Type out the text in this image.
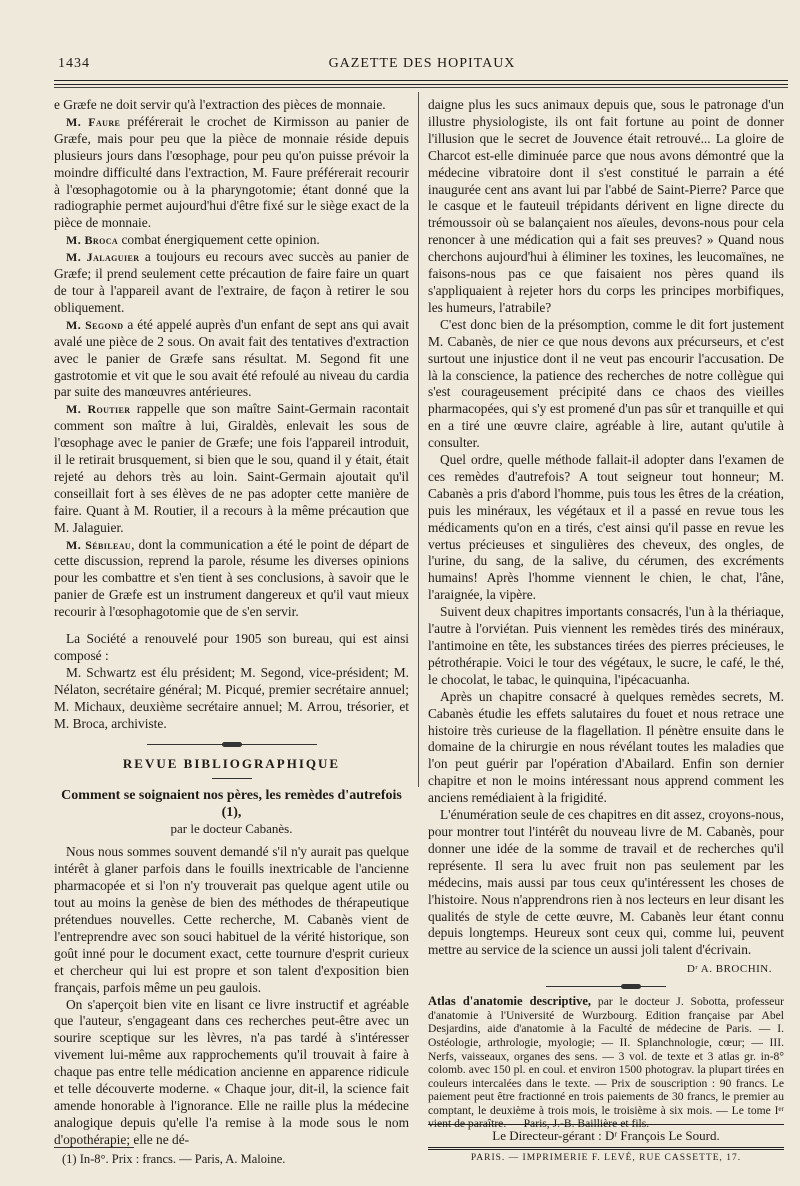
1434	GAZETTE DES HOPITAUX

e Græfe ne doit servir qu'à l'extraction des pièces de monnaie.

M. Faure préférerait le crochet de Kirmisson au panier de Græfe, mais pour peu que la pièce de monnaie réside depuis plusieurs jours dans l'œsophage, pour peu qu'on puisse prévoir la moindre difficulté dans l'extraction, M. Faure préférerait recourir à l'œsophagotomie ou à la pharyngotomie; étant donné que la radiographie permet aujourd'hui d'être fixé sur le siège exact de la pièce de monnaie.

M. Broca combat énergiquement cette opinion.

M. Jalaguier a toujours eu recours avec succès au panier de Græfe; il prend seulement cette précaution de faire faire un quart de tour à l'appareil avant de l'extraire, de façon à retirer le sou obliquement.

M. Segond a été appelé auprès d'un enfant de sept ans qui avait avalé une pièce de 2 sous. On avait fait des tentatives d'extraction avec le panier de Græfe sans résultat. M. Segond fit une gastrotomie et vit que le sou avait été refoulé au niveau du cardia par suite des manœuvres antérieures.

M. Routier rappelle que son maître Saint-Germain racontait comment son maître à lui, Giraldès, enlevait les sous de l'œsophage avec le panier de Græfe; une fois l'appareil introduit, il le retirait brusquement, si bien que le sou, quand il y était, était rejeté au dehors très au loin. Saint-Germain ajoutait qu'il conseillait fort à ses élèves de ne pas adopter cette manière de faire. Quant à M. Routier, il a recours à la même précaution que M. Jalaguier.

M. Sébileau, dont la communication a été le point de départ de cette discussion, reprend la parole, résume les diverses opinions pour les combattre et s'en tient à ses conclusions, à savoir que le panier de Græfe est un instrument dangereux et qu'il vaut mieux recourir à l'œsophagotomie que de s'en servir.

La Société a renouvelé pour 1905 son bureau, qui est ainsi composé :

M. Schwartz est élu président; M. Segond, vice-président; M. Nélaton, secrétaire général; M. Picqué, premier secrétaire annuel; M. Michaux, deuxième secrétaire annuel; M. Arrou, trésorier, et M. Broca, archiviste.

REVUE BIBLIOGRAPHIQUE
Comment se soignaient nos pères, les remèdes d'autrefois (1),
par le docteur Cabanès.

Nous nous sommes souvent demandé s'il n'y aurait pas quelque intérêt à glaner parfois dans le fouills inextricable de l'ancienne pharmacopée et si l'on n'y trouverait pas quelque agent utile ou tout au moins la genèse de bien des méthodes de thérapeutique prétendues nouvelles. Cette recherche, M. Cabanès vient de l'entreprendre avec son souci habituel de la vérité historique, son goût inné pour le document exact, cette tournure d'esprit curieux et chercheur qui lui est propre et son talent d'exposition bien français, parfois même un peu gaulois.

On s'aperçoit bien vite en lisant ce livre instructif et agréable que l'auteur, s'engageant dans ces recherches peut-être avec un sourire sceptique sur les lèvres, n'a pas tardé à s'intéresser vivement lui-même aux rapprochements qu'il trouvait à faire à chaque pas entre telle médication ancienne en apparence ridicule et telle découverte moderne. « Chaque jour, dit-il, la science fait amende honorable à l'ignorance. Elle ne raille plus la médecine analogique depuis qu'elle l'a remise à la mode sous le nom d'opothérapie; elle ne dé-

daigne plus les sucs animaux depuis que, sous le patronage d'un illustre physiologiste, ils ont fait fortune au point de donner l'illusion que le secret de Jouvence était retrouvé... La gloire de Charcot est-elle diminuée parce que nous avons démontré que la médecine vibratoire dont il s'est constitué le parrain a été inaugurée cent ans avant lui par l'abbé de Saint-Pierre? Parce que le casque et le fauteuil trépidants dérivent en ligne directe du trémoussoir où se balançaient nos aïeules, devons-nous pour cela renoncer à une médication qui a fait ses preuves? » Quand nous cherchons aujourd'hui à éliminer les toxines, les leucomaïnes, ne faisons-nous pas ce que faisaient nos pères quand ils s'appliquaient à rejeter hors du corps les principes morbifiques, les humeurs, l'atrabile?

C'est donc bien de la présomption, comme le dit fort justement M. Cabanès, de nier ce que nous devons aux précurseurs, et c'est surtout une injustice dont il ne veut pas encourir l'accusation. De là la conscience, la patience des recherches de notre collègue qui s'est courageusement précipité dans ce chaos des vieilles pharmacopées, qui s'y est promené d'un pas sûr et tranquille et qui en a tiré une œuvre claire, agréable à lire, autant qu'utile à consulter.

Quel ordre, quelle méthode fallait-il adopter dans l'examen de ces remèdes d'autrefois? A tout seigneur tout honneur; M. Cabanès a pris d'abord l'homme, puis tous les êtres de la création, puis les minéraux, les végétaux et il a passé en revue tous les médicaments qu'on en a tirés, c'est ainsi qu'il passe en revue les vertus précieuses et singulières des cheveux, des ongles, de l'urine, du sang, de la salive, du cérumen, des excréments humains! Après l'homme viennent le chien, le chat, l'âne, l'araignée, la vipère.

Suivent deux chapitres importants consacrés, l'un à la thériaque, l'autre à l'orviétan. Puis viennent les remèdes tirés des minéraux, l'antimoine en tête, les substances tirées des pierres précieuses, le pétrothérapie. Voici le tour des végétaux, le sucre, le café, le thé, le chocolat, le tabac, le quinquina, l'ipécacuanha.

Après un chapitre consacré à quelques remèdes secrets, M. Cabanès étudie les effets salutaires du fouet et nous retrace une histoire très curieuse de la flagellation. Il pénètre ensuite dans le domaine de la chirurgie en nous révélant toutes les maladies que l'on peut guérir par l'opération d'Abailard. Enfin son dernier chapitre et non le moins intéressant nous apprend comment les anciens remédiaient à la frigidité.

L'énumération seule de ces chapitres en dit assez, croyons-nous, pour montrer tout l'intérêt du nouveau livre de M. Cabanès, pour donner une idée de la somme de travail et de recherches qu'il représente. Il sera lu avec fruit non pas seulement par les médecins, mais aussi par tous ceux qu'intéressent les choses de l'histoire. Nous n'apprendrons rien à nos lecteurs en leur disant les qualités de style de cette œuvre, M. Cabanès leur étant connu depuis longtemps. Heureux sont ceux qui, comme lui, peuvent mettre au service de la science un aussi joli talent d'écrivain.

Dʳ A. BROCHIN.

Atlas d'anatomie descriptive, par le docteur J. Sobotta, professeur d'anatomie à l'Université de Wurzbourg. Edition française par Abel Desjardins, aide d'anatomie à la Faculté de médecine de Paris. — I. Ostéologie, arthrologie, myologie; — II. Splanchnologie, cœur; — III. Nerfs, vaisseaux, organes des sens. — 3 vol. de texte et 3 atlas gr. in-8° colomb. avec 150 pl. en coul. et environ 1500 photograv. la plupart tirées en couleurs intercalées dans le texte. — Prix de souscription : 90 francs. Le paiement peut être fractionné en trois paiements de 30 francs, le premier au comptant, le deuxième à trois mois, le troisième à six mois. — Le tome Iᵉʳ vient de paraître. — Paris, J.-B. Baillière et fils.

(1) In-8°. Prix : francs. — Paris, A. Maloine.
Le Directeur-gérant : Dʳ François Le Sourd.
PARIS. — IMPRIMERIE F. LEVÉ, RUE CASSETTE, 17.
